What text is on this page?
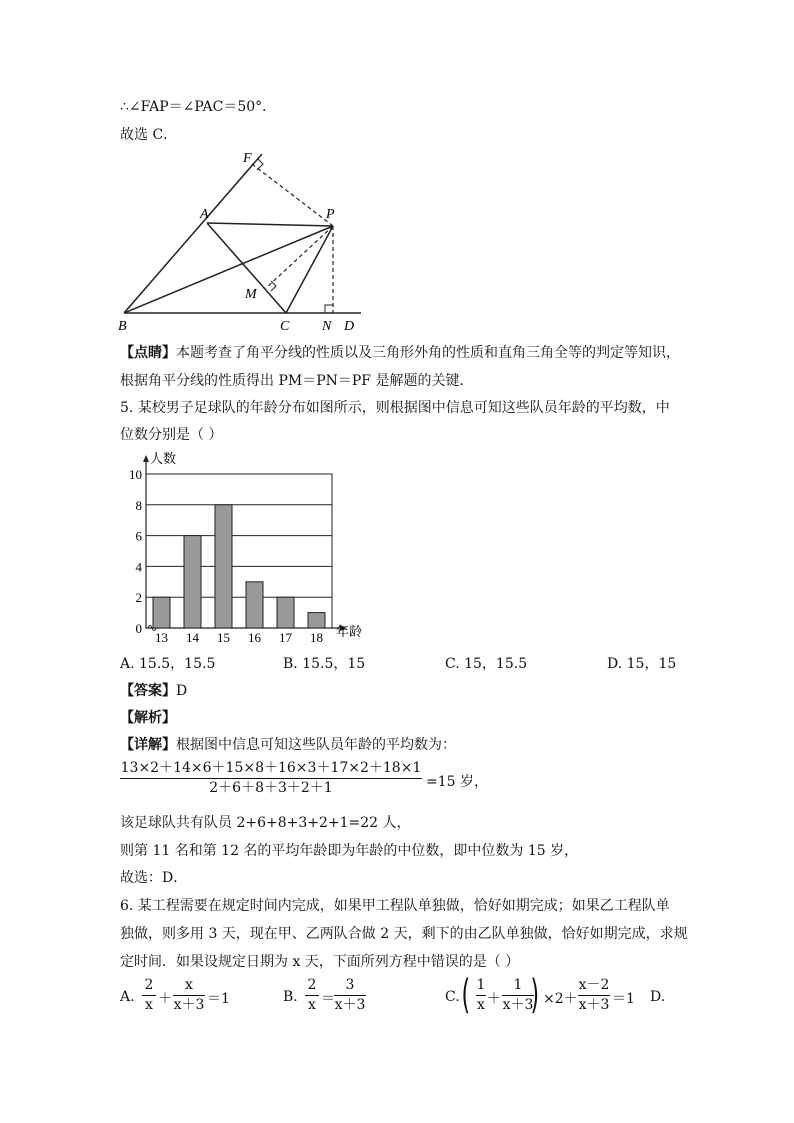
∴∠FAP＝∠PAC＝50°．
故选 C．
F
A	P
M
B	C N D
【点睛】本题考查了角平分线的性质以及三角形外角的性质和直角三角全等的判定等知识，
根据角平分线的性质得出 PM＝PN＝PF 是解题的关键．
5. 某校男子足球队的年龄分布如图所示，则根据图中信息可知这些队员年龄的平均数，中
位数分别是（ ）
0
2
4
6
8
10
人数
年龄
13 14 15 16 17 18
A. 15.5，15.5	B. 15.5，15	C. 15，15.5	D. 15，15
【答案】D
【解析】
【详解】根据图中信息可知这些队员年龄的平均数为：
13×2＋14×6＋15×8＋16×3＋17×2＋18×1
2＋6＋8＋3＋2＋1	=15 岁，
该足球队共有队员 2+6+8+3+2+1=22 人，
则第 11 名和第 12 名的平均年龄即为年龄的中位数，即中位数为 15 岁，
故选：D．
6. 某工程需要在规定时间内完成，如果甲工程队单独做，恰好如期完成；如果乙工程队单
独做，则多用 3 天，现在甲、乙两队合做 2 天，剩下的由乙队单独做，恰好如期完成，求规
定时间．如果设规定日期为 x 天，下面所列方程中错误的是（ ）
A.
2
x ＋
x
x＋3 ＝1	B.
2
x ＝
3
x＋3	C. ( 1
x ＋
1
x＋3
) ×2＋
x－2
x＋3 ＝1 D.
